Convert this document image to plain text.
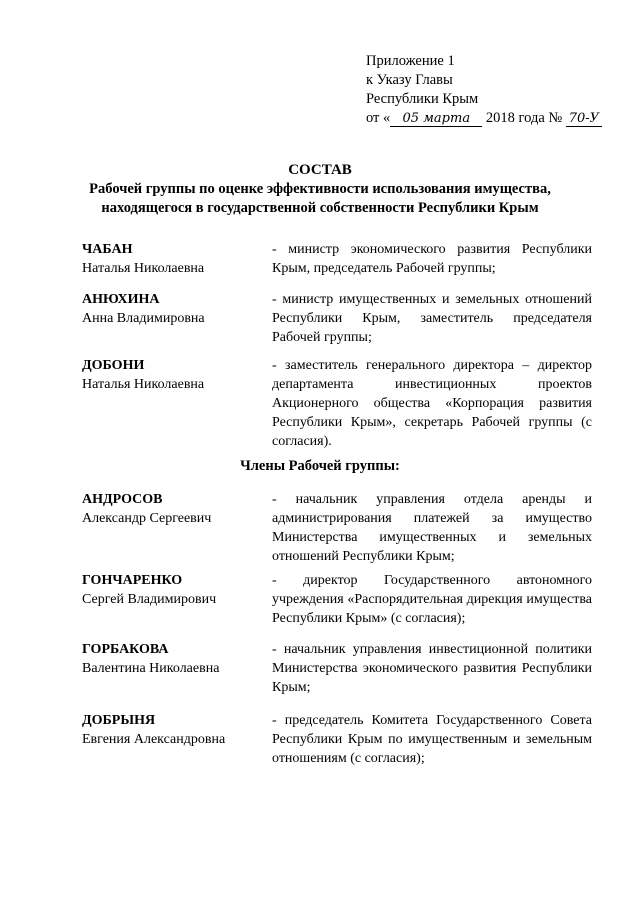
Приложение 1
к Указу Главы
Республики Крым
от « 05 марта 2018 года № 70-У
СОСТАВ
Рабочей группы по оценке эффективности использования имущества,
находящегося в государственной собственности Республики Крым
ЧАБАН
Наталья Николаевна
- министр экономического развития Республики Крым, председатель Рабочей группы;
АНЮХИНА
Анна Владимировна
- министр имущественных и земельных отношений Республики Крым, заместитель председателя Рабочей группы;
ДОБОНИ
Наталья Николаевна
- заместитель генерального директора – директор департамента инвестиционных проектов Акционерного общества «Корпорация развития Республики Крым», секретарь Рабочей группы (с согласия).
Члены Рабочей группы:
АНДРОСОВ
Александр Сергеевич
- начальник управления отдела аренды и администрирования платежей за имущество Министерства имущественных и земельных отношений Республики Крым;
ГОНЧАРЕНКО
Сергей Владимирович
- директор Государственного автономного учреждения «Распорядительная дирекция имущества Республики Крым» (с согласия);
ГОРБАКОВА
Валентина Николаевна
- начальник управления инвестиционной политики Министерства экономического развития Республики Крым;
ДОБРЫНЯ
Евгения Александровна
- председатель Комитета Государственного Совета Республики Крым по имущественным и земельным отношениям (с согласия);
